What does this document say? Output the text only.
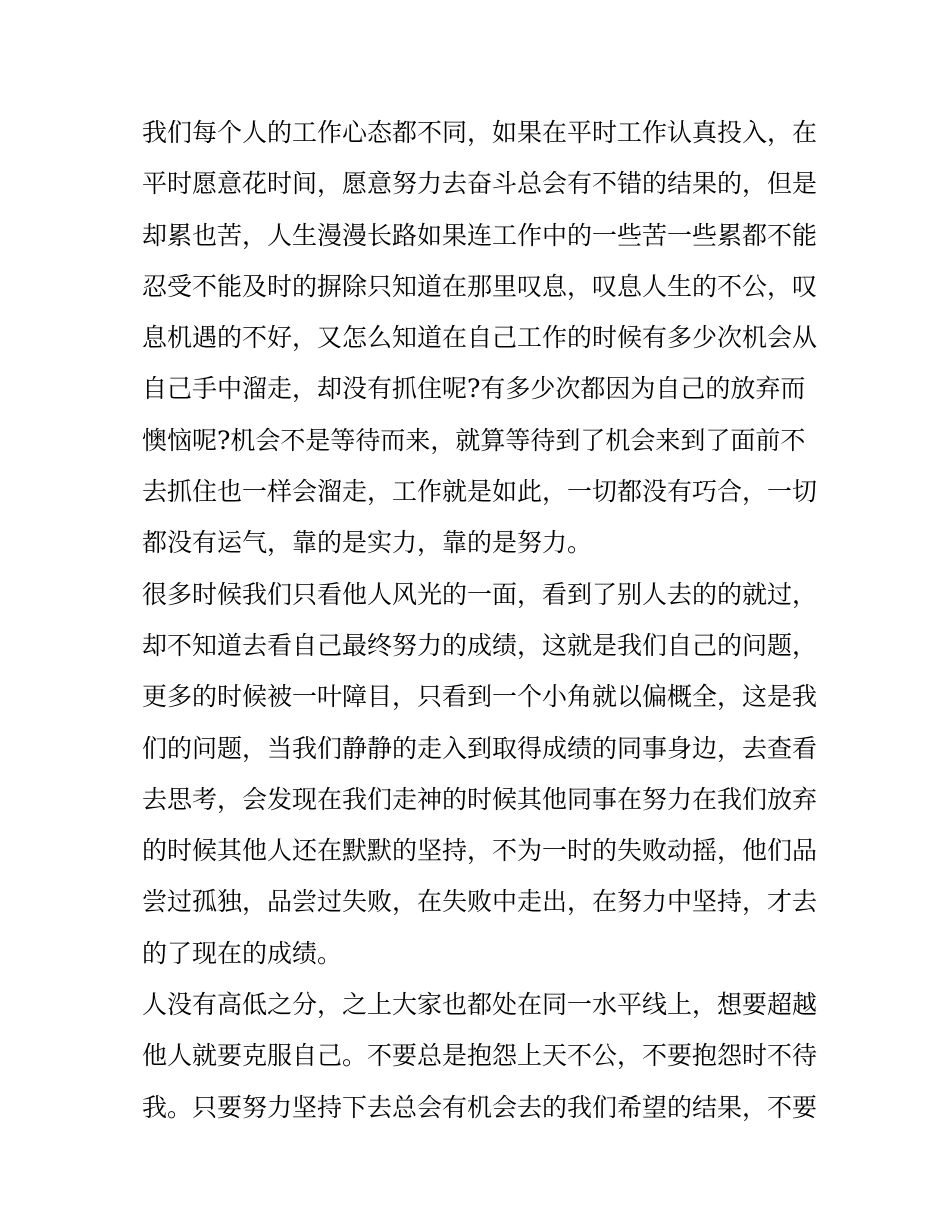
我们每个人的工作心态都不同，如果在平时工作认真投入，在
平时愿意花时间，愿意努力去奋斗总会有不错的结果的，但是
却累也苦，人生漫漫长路如果连工作中的一些苦一些累都不能
忍受不能及时的摒除只知道在那里叹息，叹息人生的不公，叹
息机遇的不好，又怎么知道在自己工作的时候有多少次机会从
自己手中溜走，却没有抓住呢?有多少次都因为自己的放弃而
懊恼呢?机会不是等待而来，就算等待到了机会来到了面前不
去抓住也一样会溜走，工作就是如此，一切都没有巧合，一切
都没有运气，靠的是实力，靠的是努力。
很多时候我们只看他人风光的一面，看到了别人去的的就过，
却不知道去看自己最终努力的成绩，这就是我们自己的问题，
更多的时候被一叶障目，只看到一个小角就以偏概全，这是我
们的问题，当我们静静的走入到取得成绩的同事身边，去查看
去思考，会发现在我们走神的时候其他同事在努力在我们放弃
的时候其他人还在默默的坚持，不为一时的失败动摇，他们品
尝过孤独，品尝过失败，在失败中走出，在努力中坚持，才去
的了现在的成绩。
人没有高低之分，之上大家也都处在同一水平线上，想要超越
他人就要克服自己。不要总是抱怨上天不公，不要抱怨时不待
我。只要努力坚持下去总会有机会去的我们希望的结果，不要
